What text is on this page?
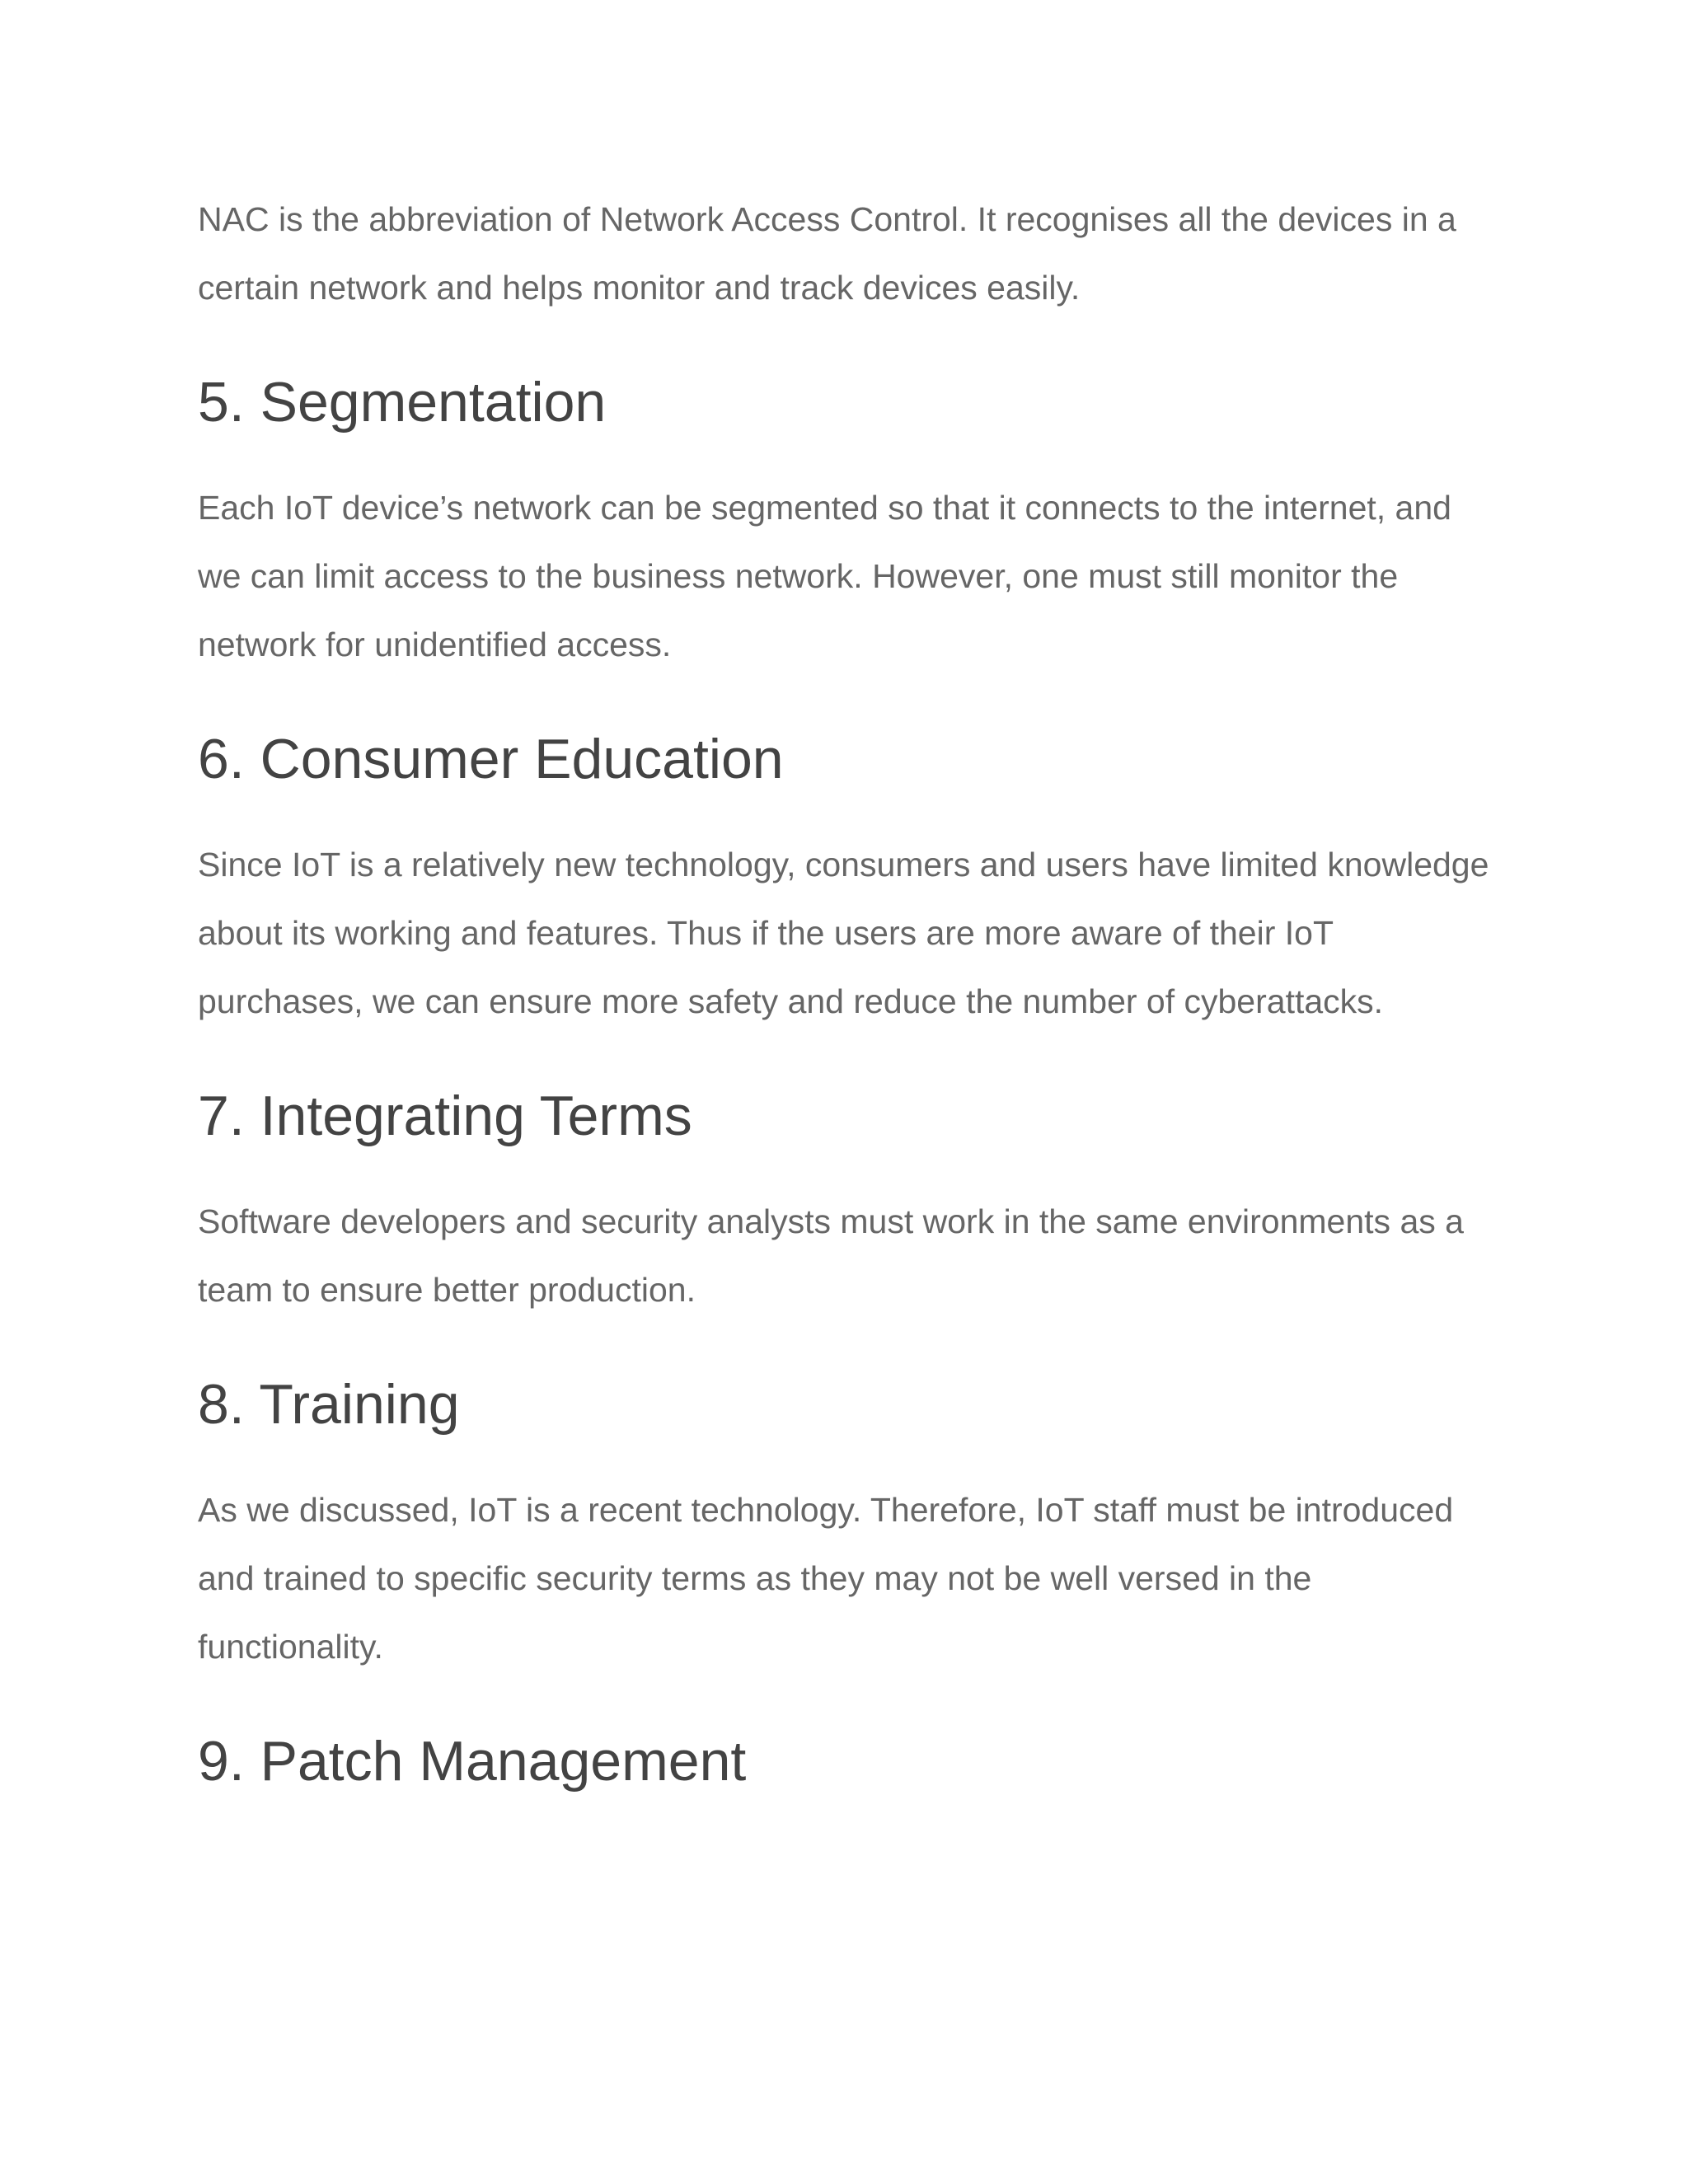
NAC is the abbreviation of Network Access Control. It recognises all the devices in a certain network and helps monitor and track devices easily.

5. Segmentation

Each IoT device’s network can be segmented so that it connects to the internet, and we can limit access to the business network. However, one must still monitor the network for unidentified access.

6. Consumer Education

Since IoT is a relatively new technology, consumers and users have limited knowledge about its working and features. Thus if the users are more aware of their IoT purchases, we can ensure more safety and reduce the number of cyberattacks.

7. Integrating Terms

Software developers and security analysts must work in the same environments as a team to ensure better production.

8. Training

As we discussed, IoT is a recent technology. Therefore, IoT staff must be introduced and trained to specific security terms as they may not be well versed in the functionality.

9. Patch Management
